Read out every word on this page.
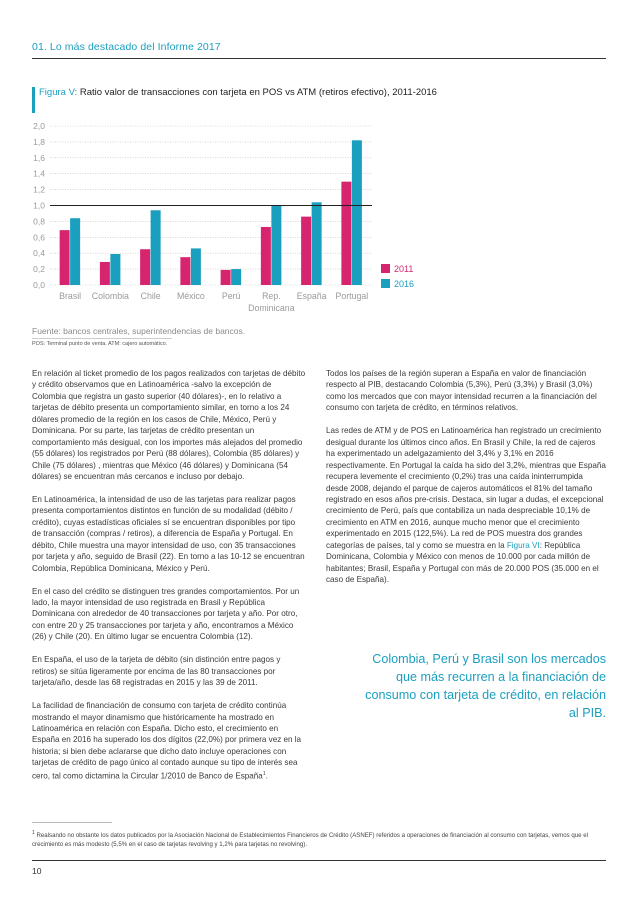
01. Lo más destacado del Informe 2017
Figura V: Ratio valor de transacciones con tarjeta en POS vs ATM (retiros efectivo), 2011-2016
0,0
0,2
0,4
0,6
0,8
1,0
1,2
1,4
1,6
1,8
2,0
Brasil Colombia Chile México Perú Rep.
Dominicana
España Portugal
2011
2016
Fuente: bancos centrales, superintendencias de bancos.
POS: Terminal punto de venta. ATM: cajero automático.

En relación al ticket promedio de los pagos realizados con tarjetas de débito y crédito observamos que en Latinoamérica -salvo la excepción de Colombia que registra un gasto superior (40 dólares)-, en lo relativo a tarjetas de débito presenta un comportamiento similar, en torno a los 24 dólares promedio de la región en los casos de Chile, México, Perú y Dominicana. Por su parte, las tarjetas de crédito presentan un comportamiento más desigual, con los importes más alejados del promedio (55 dólares) los registrados por Perú (88 dólares), Colombia (85 dólares) y Chile (75 dólares) , mientras que México (46 dólares) y Dominicana (54 dólares) se encuentran más cercanos e incluso por debajo.

En Latinoamérica, la intensidad de uso de las tarjetas para realizar pagos presenta comportamientos distintos en función de su modalidad (débito / crédito), cuyas estadísticas oficiales sí se encuentran disponibles por tipo de transacción (compras / retiros), a diferencia de España y Portugal. En débito, Chile muestra una mayor intensidad de uso, con 35 transacciones por tarjeta y año, seguido de Brasil (22). En torno a las 10-12 se encuentran Colombia, República Dominicana, México y Perú.

En el caso del crédito se distinguen tres grandes comportamientos. Por un lado, la mayor intensidad de uso registrada en Brasil y República Dominicana con alrededor de 40 transacciones por tarjeta y año. Por otro, con entre 20 y 25 transacciones por tarjeta y año, encontramos a México (26) y Chile (20). En último lugar se encuentra Colombia (12).

En España, el uso de la tarjeta de débito (sin distinción entre pagos y retiros) se sitúa ligeramente por encima de las 80 transacciones por tarjeta/año, desde las 68 registradas en 2015 y las 39 de 2011.

La facilidad de financiación de consumo con tarjeta de crédito continúa mostrando el mayor dinamismo que históricamente ha mostrado en Latinoamérica en relación con España. Dicho esto, el crecimiento en España en 2016 ha superado los dos dígitos (22,0%) por primera vez en la historia; si bien debe aclararse que dicho dato incluye operaciones con tarjetas de crédito de pago único al contado aunque su tipo de interés sea cero, tal como dictamina la Circular 1/2010 de Banco de España$^1$.

Todos los países de la región superan a España en valor de financiación respecto al PIB, destacando Colombia (5,3%), Perú (3,3%) y Brasil (3,0%) como los mercados que con mayor intensidad recurren a la financiación del consumo con tarjeta de crédito, en términos relativos.

Las redes de ATM y de POS en Latinoamérica han registrado un crecimiento desigual durante los últimos cinco años. En Brasil y Chile, la red de cajeros ha experimentado un adelgazamiento del 3,4% y 3,1% en 2016 respectivamente. En Portugal la caída ha sido del 3,2%, mientras que España recupera levemente el crecimiento (0,2%) tras una caída ininterrumpida desde 2008, dejando el parque de cajeros automáticos el 81% del tamaño registrado en esos años pre-crisis. Destaca, sin lugar a dudas, el excepcional crecimiento de Perú, país que contabiliza un nada despreciable 10,1% de crecimiento en ATM en 2016, aunque mucho menor que el crecimiento experimentado en 2015 (122,5%). La red de POS muestra dos grandes categorías de países, tal y como se muestra en la Figura VI: República Dominicana, Colombia y México con menos de 10.000 por cada millón de habitantes; Brasil, España y Portugal con más de 20.000 POS (35.000 en el caso de España).

Colombia, Perú y Brasil son los mercados que más recurren a la financiación de consumo con tarjeta de crédito, en relación al PIB.
$^1$ Realsando no obstante los datos publicados por la Asociación Nacional de Establecimientos Financieros de Crédito (ASNEF) referidos a operaciones de financiación al consumo con tarjetas, vemos que el crecimiento es más modesto (5,5% en el caso de tarjetas revolving y 1,2% para tarjetas no revolving).
10
